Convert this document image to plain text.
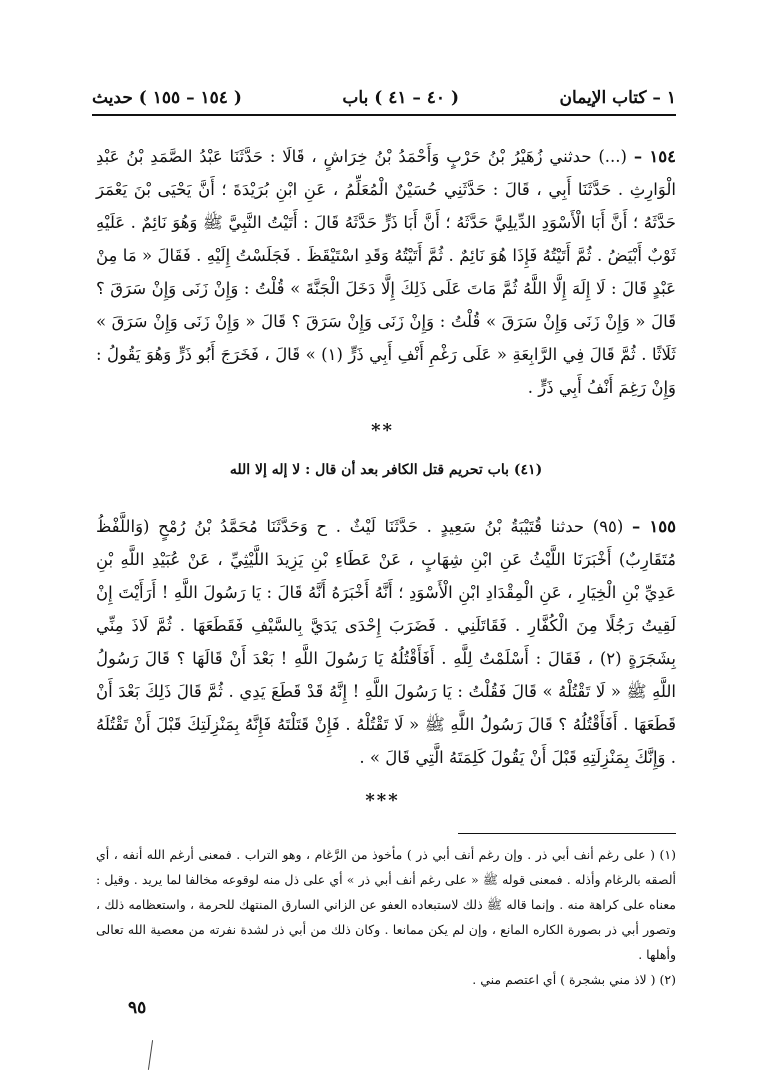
١ – كتاب الإيمان
( ٤٠ – ٤١ ) باب
( ١٥٤ – ١٥٥ ) حديث
١٥٤ – (...) حدثني زُهَيْرُ بْنُ حَرْبٍ وَأَحْمَدُ بْنُ خِرَاشٍ ، قَالَا : حَدَّثَنَا عَبْدُ الصَّمَدِ بْنُ عَبْدِ الْوَارِثِ . حَدَّثَنَا أَبِي ، قَالَ : حَدَّثَنِي حُسَيْنٌ الْمُعَلِّمُ ، عَنِ ابْنِ بُرَيْدَةَ ؛ أَنَّ يَحْيَى بْنَ يَعْمَرَ حَدَّثَهُ ؛ أَنَّ أَبَا الْأَسْوَدِ الدِّيلِيَّ حَدَّثَهُ ؛ أَنَّ أَبَا ذَرٍّ حَدَّثَهُ قَالَ : أَتَيْتُ النَّبِيَّ ﷺ وَهُوَ نَائِمٌ . عَلَيْهِ ثَوْبٌ أَبْيَضُ . ثُمَّ أَتَيْتُهُ فَإِذَا هُوَ نَائِمٌ . ثُمَّ أَتَيْتُهُ وَقَدِ اسْتَيْقَظَ . فَجَلَسْتُ إِلَيْهِ . فَقَالَ « مَا مِنْ عَبْدٍ قَالَ : لَا إِلَهَ إِلَّا اللَّهُ ثُمَّ مَاتَ عَلَى ذَلِكَ إِلَّا دَخَلَ الْجَنَّةَ » قُلْتُ : وَإِنْ زَنَى وَإِنْ سَرَقَ ؟ قَالَ « وَإِنْ زَنَى وَإِنْ سَرَقَ » قُلْتُ : وَإِنْ زَنَى وَإِنْ سَرَقَ ؟ قَالَ « وَإِنْ زَنَى وَإِنْ سَرَقَ » ثَلَاثًا . ثُمَّ قَالَ فِي الرَّابِعَةِ « عَلَى رَغْمِ أَنْفِ أَبِي ذَرٍّ (١) » قَالَ ، فَخَرَجَ أَبُو ذَرٍّ وَهُوَ يَقُولُ : وَإِنْ رَغِمَ أَنْفُ أَبِي ذَرٍّ .
**
(٤١) باب تحريم قتل الكافر بعد أن قال : لا إله إلا الله
١٥٥ – (٩٥) حدثنا قُتَيْبَةُ بْنُ سَعِيدٍ . حَدَّثَنَا لَيْثٌ . ح وَحَدَّثَنَا مُحَمَّدُ بْنُ رُمْحٍ (وَاللَّفْظُ مُتَقَارِبٌ) أَخْبَرَنَا اللَّيْثُ عَنِ ابْنِ شِهَابٍ ، عَنْ عَطَاءِ بْنِ يَزِيدَ اللَّيْثِيِّ ، عَنْ عُبَيْدِ اللَّهِ بْنِ عَدِيِّ بْنِ الْخِيَارِ ، عَنِ الْمِقْدَادِ ابْنِ الْأَسْوَدِ ؛ أَنَّهُ أَخْبَرَهُ أَنَّهُ قَالَ : يَا رَسُولَ اللَّهِ ! أَرَأَيْتَ إِنْ لَقِيتُ رَجُلًا مِنَ الْكُفَّارِ . فَقَاتَلَنِي . فَضَرَبَ إِحْدَى يَدَيَّ بِالسَّيْفِ فَقَطَعَهَا . ثُمَّ لَاذَ مِنِّي بِشَجَرَةٍ (٢) ، فَقَالَ : أَسْلَمْتُ لِلَّهِ . أَفَأَقْتُلُهُ يَا رَسُولَ اللَّهِ ! بَعْدَ أَنْ قَالَهَا ؟ قَالَ رَسُولُ اللَّهِ ﷺ « لَا تَقْتُلْهُ » قَالَ فَقُلْتُ : يَا رَسُولَ اللَّهِ ! إِنَّهُ قَدْ قَطَعَ يَدِي . ثُمَّ قَالَ ذَلِكَ بَعْدَ أَنْ قَطَعَهَا . أَفَأَقْتُلُهُ ؟ قَالَ رَسُولُ اللَّهِ ﷺ « لَا تَقْتُلْهُ . فَإِنْ قَتَلْتَهُ فَإِنَّهُ بِمَنْزِلَتِكَ قَبْلَ أَنْ تَقْتُلَهُ . وَإِنَّكَ بِمَنْزِلَتِهِ قَبْلَ أَنْ يَقُولَ كَلِمَتَهُ الَّتِي قَالَ » .
***

(١) ( على رغم أنف أبي ذر . وإن رغم أنف أبي ذر ) مأخوذ من الرَّغام ، وهو التراب . فمعنى أرغم الله أنفه ، أي ألصقه بالرغام وأذله . فمعنى قوله ﷺ « على رغم أنف أبي ذر » أي على ذل منه لوقوعه مخالفا لما يريد . وقيل : معناه على كراهة منه . وإنما قاله ﷺ ذلك لاستبعاده العفو عن الزاني السارق المنتهك للحرمة ، واستعظامه ذلك ، وتصور أبي ذر بصورة الكاره المانع ، وإن لم يكن ممانعا . وكان ذلك من أبي ذر لشدة نفرته من معصية الله تعالى وأهلها .

(٢) ( لاذ مني بشجرة ) أي اعتصم مني .

٩٥
